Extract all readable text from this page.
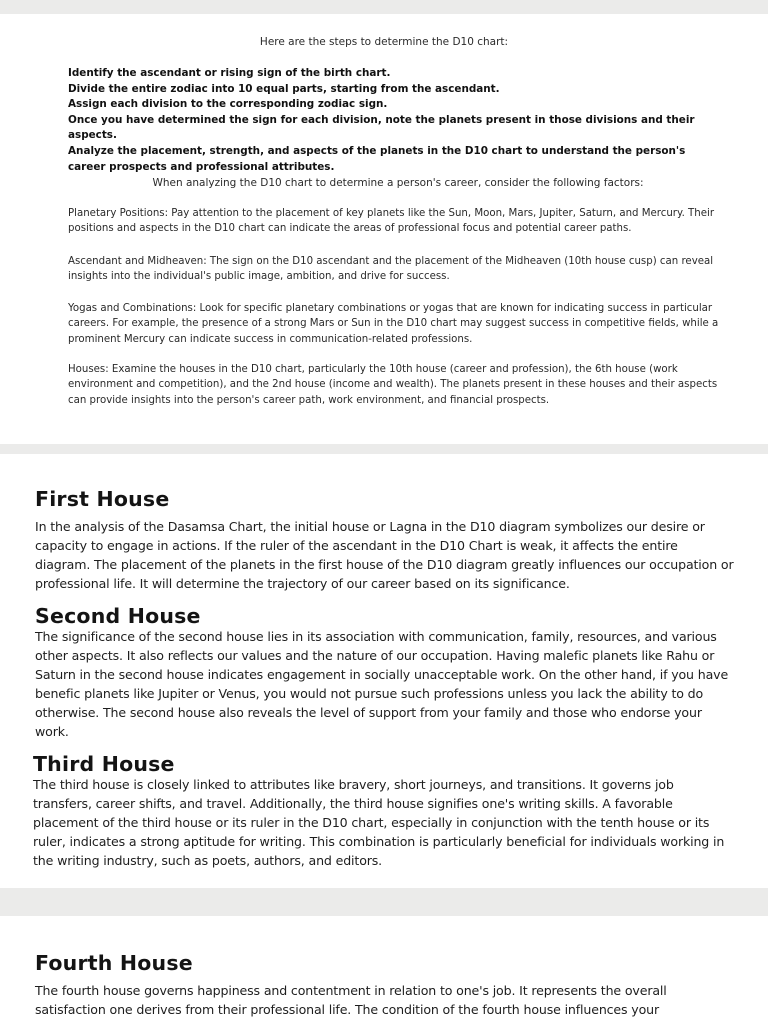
Here are the steps to determine the D10 chart:
Identify the ascendant or rising sign of the birth chart.
Divide the entire zodiac into 10 equal parts, starting from the ascendant.
Assign each division to the corresponding zodiac sign.
Once you have determined the sign for each division, note the planets present in those divisions and their aspects.
Analyze the placement, strength, and aspects of the planets in the D10 chart to understand the person's career prospects and professional attributes.
When analyzing the D10 chart to determine a person's career, consider the following factors:
Planetary Positions: Pay attention to the placement of key planets like the Sun, Moon, Mars, Jupiter, Saturn, and Mercury. Their positions and aspects in the D10 chart can indicate the areas of professional focus and potential career paths.
Ascendant and Midheaven: The sign on the D10 ascendant and the placement of the Midheaven (10th house cusp) can reveal insights into the individual's public image, ambition, and drive for success.
Yogas and Combinations: Look for specific planetary combinations or yogas that are known for indicating success in particular careers. For example, the presence of a strong Mars or Sun in the D10 chart may suggest success in competitive fields, while a prominent Mercury can indicate success in communication-related professions.
Houses: Examine the houses in the D10 chart, particularly the 10th house (career and profession), the 6th house (work environment and competition), and the 2nd house (income and wealth). The planets present in these houses and their aspects can provide insights into the person's career path, work environment, and financial prospects.
First House
In the analysis of the Dasamsa Chart, the initial house or Lagna in the D10 diagram symbolizes our desire or capacity to engage in actions. If the ruler of the ascendant in the D10 Chart is weak, it affects the entire diagram. The placement of the planets in the first house of the D10 diagram greatly influences our occupation or professional life. It will determine the trajectory of our career based on its significance.
Second House
The significance of the second house lies in its association with communication, family, resources, and various other aspects. It also reflects our values and the nature of our occupation. Having malefic planets like Rahu or Saturn in the second house indicates engagement in socially unacceptable work. On the other hand, if you have benefic planets like Jupiter or Venus, you would not pursue such professions unless you lack the ability to do otherwise. The second house also reveals the level of support from your family and those who endorse your work.
Third House
The third house is closely linked to attributes like bravery, short journeys, and transitions. It governs job transfers, career shifts, and travel. Additionally, the third house signifies one's writing skills. A favorable placement of the third house or its ruler in the D10 chart, especially in conjunction with the tenth house or its ruler, indicates a strong aptitude for writing. This combination is particularly beneficial for individuals working in the writing industry, such as poets, authors, and editors.
Fourth House
The fourth house governs happiness and contentment in relation to one's job. It represents the overall satisfaction one derives from their professional life. The condition of the fourth house influences your
